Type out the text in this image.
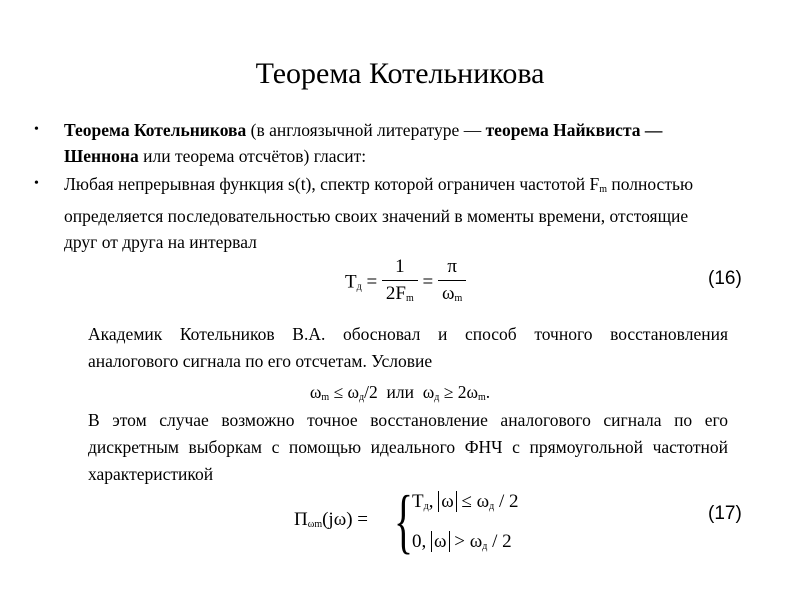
Теорема Котельникова
• Теорема Котельникова (в англоязычной литературе — теорема Найквиста — Шеннона или теорема отсчётов) гласит:
• Любая непрерывная функция s(t), спектр которой ограничен частотой $F_m$ полностью определяется последовательностью своих значений в моменты времени, отстоящие друг от друга на интервал
$T_д = \frac{1}{2F_m} = \frac{\pi}{\omega_m}$	(16)
Академик Котельников В.А. обосновал и способ точного восстановления аналогового сигнала по его отсчетам. Условие
$\omega_m \le \omega_д/2$  или  $\omega_д \ge 2\omega_m$.
В этом случае возможно точное восстановление аналогового сигнала по его дискретным выборкам с помощью идеального ФНЧ с прямоугольной частотной характеристикой
$\Pi_{\omega m}(j\omega)$ = {
$T_д$, $\omega \le \omega_д / 2$
0, $\omega > \omega_д / 2$
(17)
